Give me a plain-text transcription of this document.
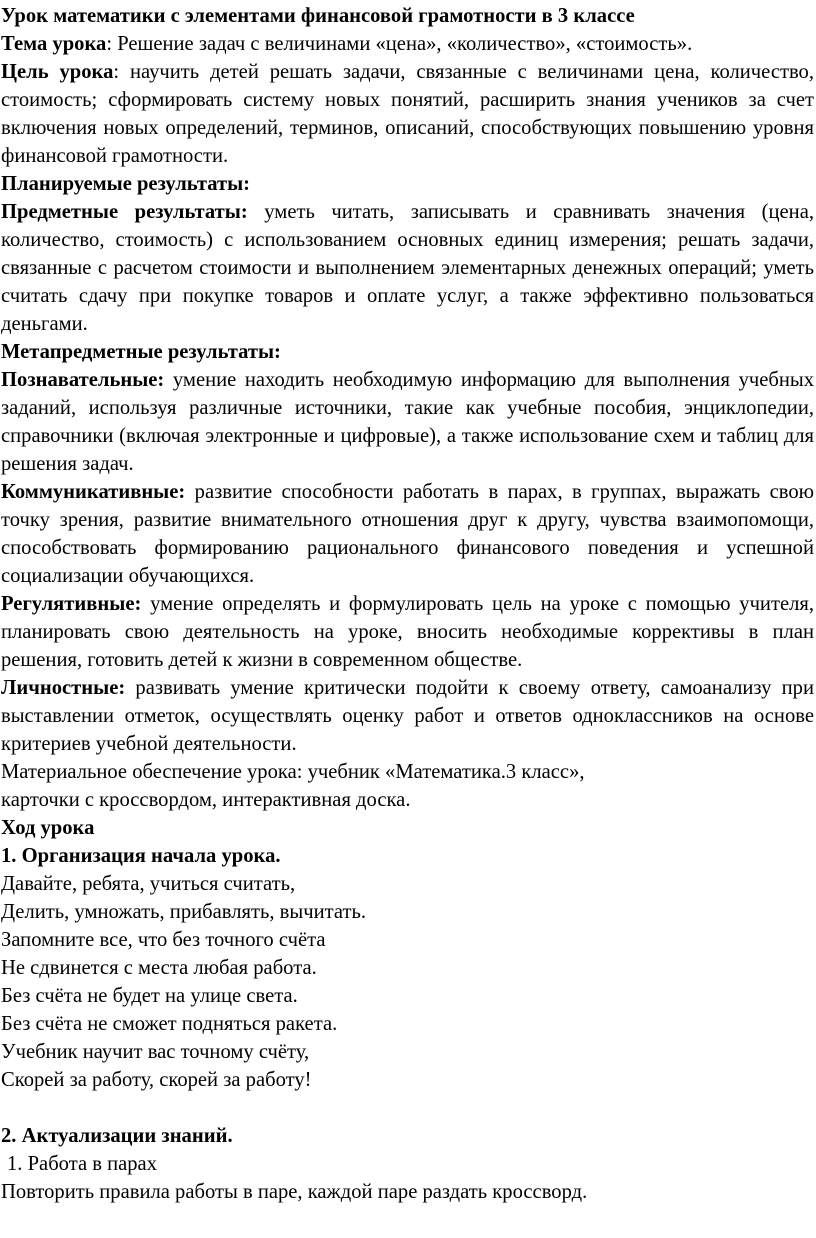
Урок математики с элементами финансовой грамотности в 3 классе

Тема урока: Решение задач с величинами «цена», «количество», «стоимость».

Цель урока: научить детей решать задачи, связанные с величинами цена, количество, стоимость; сформировать систему новых понятий, расширить знания учеников за счет включения новых определений, терминов, описаний, способствующих повышению уровня финансовой грамотности.

Планируемые результаты:

Предметные результаты: уметь читать, записывать и сравнивать значения (цена, количество, стоимость) с использованием основных единиц измерения; решать задачи, связанные с расчетом стоимости и выполнением элементарных денежных операций; уметь считать сдачу при покупке товаров и оплате услуг, а также эффективно пользоваться деньгами.

Метапредметные результаты:

Познавательные: умение находить необходимую информацию для выполнения учебных заданий, используя различные источники, такие как учебные пособия, энциклопедии, справочники (включая электронные и цифровые), а также использование схем и таблиц для решения задач.

Коммуникативные: развитие способности работать в парах, в группах, выражать свою точку зрения, развитие внимательного отношения друг к другу, чувства взаимопомощи, способствовать формированию рационального финансового поведения и успешной социализации обучающихся.

Регулятивные: умение определять и формулировать цель на уроке с помощью учителя, планировать свою деятельность на уроке, вносить необходимые коррективы в план решения, готовить детей к жизни в современном обществе.

Личностные: развивать умение критически подойти к своему ответу, самоанализу при выставлении отметок, осуществлять оценку работ и ответов одноклассников на основе критериев учебной деятельности.

Материальное обеспечение урока: учебник «Математика.3 класс»,

карточки с кроссвордом, интерактивная доска.

Ход урока

1. Организация начала урока.

Давайте, ребята, учиться считать,

Делить, умножать, прибавлять, вычитать.

Запомните все, что без точного счёта

Не сдвинется с места любая работа.

Без счёта не будет на улице света.

Без счёта не сможет подняться ракета.

Учебник научит вас точному счёту,

Скорей за работу, скорей за работу!

2. Актуализации знаний.

1. Работа в парах

Повторить правила работы в паре, каждой паре раздать кроссворд.
